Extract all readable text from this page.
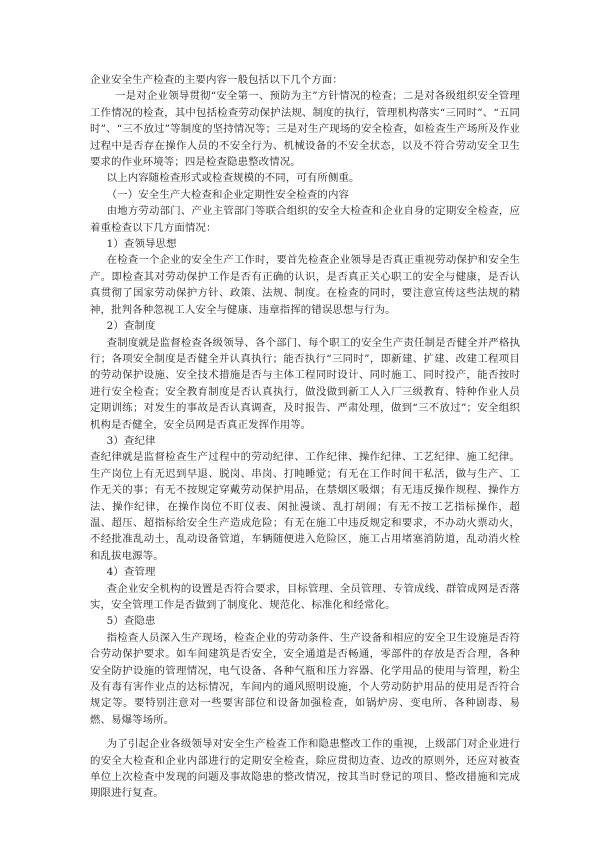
企业安全生产检查的主要内容一般包括以下几个方面：

一是对企业领导贯彻“安全第一、预防为主”方针情况的检查；二是对各级组织安全管理工作情况的检查，其中包括检查劳动保护法规、制度的执行，管理机构落实“三同时”、“五同时”、“三不放过”等制度的坚持情况等；三是对生产现场的安全检查，如检查生产场所及作业过程中是否存在操作人员的不安全行为、机械设备的不安全状态，以及不符合劳动安全卫生要求的作业环境等；四是检查隐患整改情况。

以上内容随检查形式或检查规模的不同，可有所侧重。

（一）安全生产大检查和企业定期性安全检查的内容

由地方劳动部门、产业主管部门等联合组织的安全大检查和企业自身的定期安全检查，应着重检查以下几方面情况：

1）查领导思想

在检查一个企业的安全生产工作时，要首先检查企业领导是否真正重视劳动保护和安全生产。即检查其对劳动保护工作是否有正确的认识，是否真正关心职工的安全与健康，是否认真贯彻了国家劳动保护方针、政策、法规、制度。在检查的同时，要注意宣传这些法规的精神，批判各种忽视工人安全与健康、违章指挥的错误思想与行为。

2）查制度

查制度就是监督检查各级领导、各个部门、每个职工的安全生产责任制是否健全并严格执行；各项安全制度是否健全并认真执行；能否执行“三同时”，即新建、扩建、改建工程项目的劳动保护设施、安全技术措施是否与主体工程同时设计、同时施工、同时投产，能否按时进行安全检查；安全教育制度是否认真执行，做没做到新工人入厂三级教育、特种作业人员定期训练；对发生的事故是否认真调查，及时报告、严肃处理，做到“三不放过”；安全组织机构是否健全，安全员网是否真正发挥作用等。

3）查纪律

查纪律就是监督检查生产过程中的劳动纪律、工作纪律、操作纪律、工艺纪律、施工纪律。生产岗位上有无迟到早退、脱岗、串岗、打盹睡觉；有无在工作时间干私活，做与生产、工作无关的事；有无不按规定穿戴劳动保护用品，在禁烟区吸烟；有无违反操作规程、操作方法、操作纪律，在操作岗位不盯仪表、闲扯漫谈、乱打胡闹；有无不按工艺指标操作，超温、超压、超指标给安全生产造成危险；有无在施工中违反规定和要求，不办动火票动火，不经批准乱动土，乱动设备管道，车辆随便进入危险区，施工占用堵塞消防道，乱动消火栓和乱拔电源等。

4）查管理

查企业安全机构的设置是否符合要求，目标管理、全员管理、专管成线、群管成网是否落实，安全管理工作是否做到了制度化、规范化、标准化和经常化。

5）查隐患

指检查人员深入生产现场，检查企业的劳动条件、生产设备和相应的安全卫生设施是否符合劳动保护要求。如车间建筑是否安全，安全通道是否畅通，零部件的存放是否合理，各种安全防护设施的管理情况，电气设备、各种气瓶和压力容器、化学用品的使用与管理，粉尘及有毒有害作业点的达标情况，车间内的通风照明设施，个人劳动防护用品的使用是否符合规定等。要特别注意对一些要害部位和设备加强检查，如锅炉房、变电所、各种剧毒、易燃、易爆等场所。

为了引起企业各级领导对安全生产检查工作和隐患整改工作的重视，上级部门对企业进行的安全大检查和企业内部进行的定期安全检查，除应贯彻边查、边改的原则外，还应对被查单位上次检查中发现的问题及事故隐患的整改情况，按其当时登记的项目、整改措施和完成期限进行复查。
